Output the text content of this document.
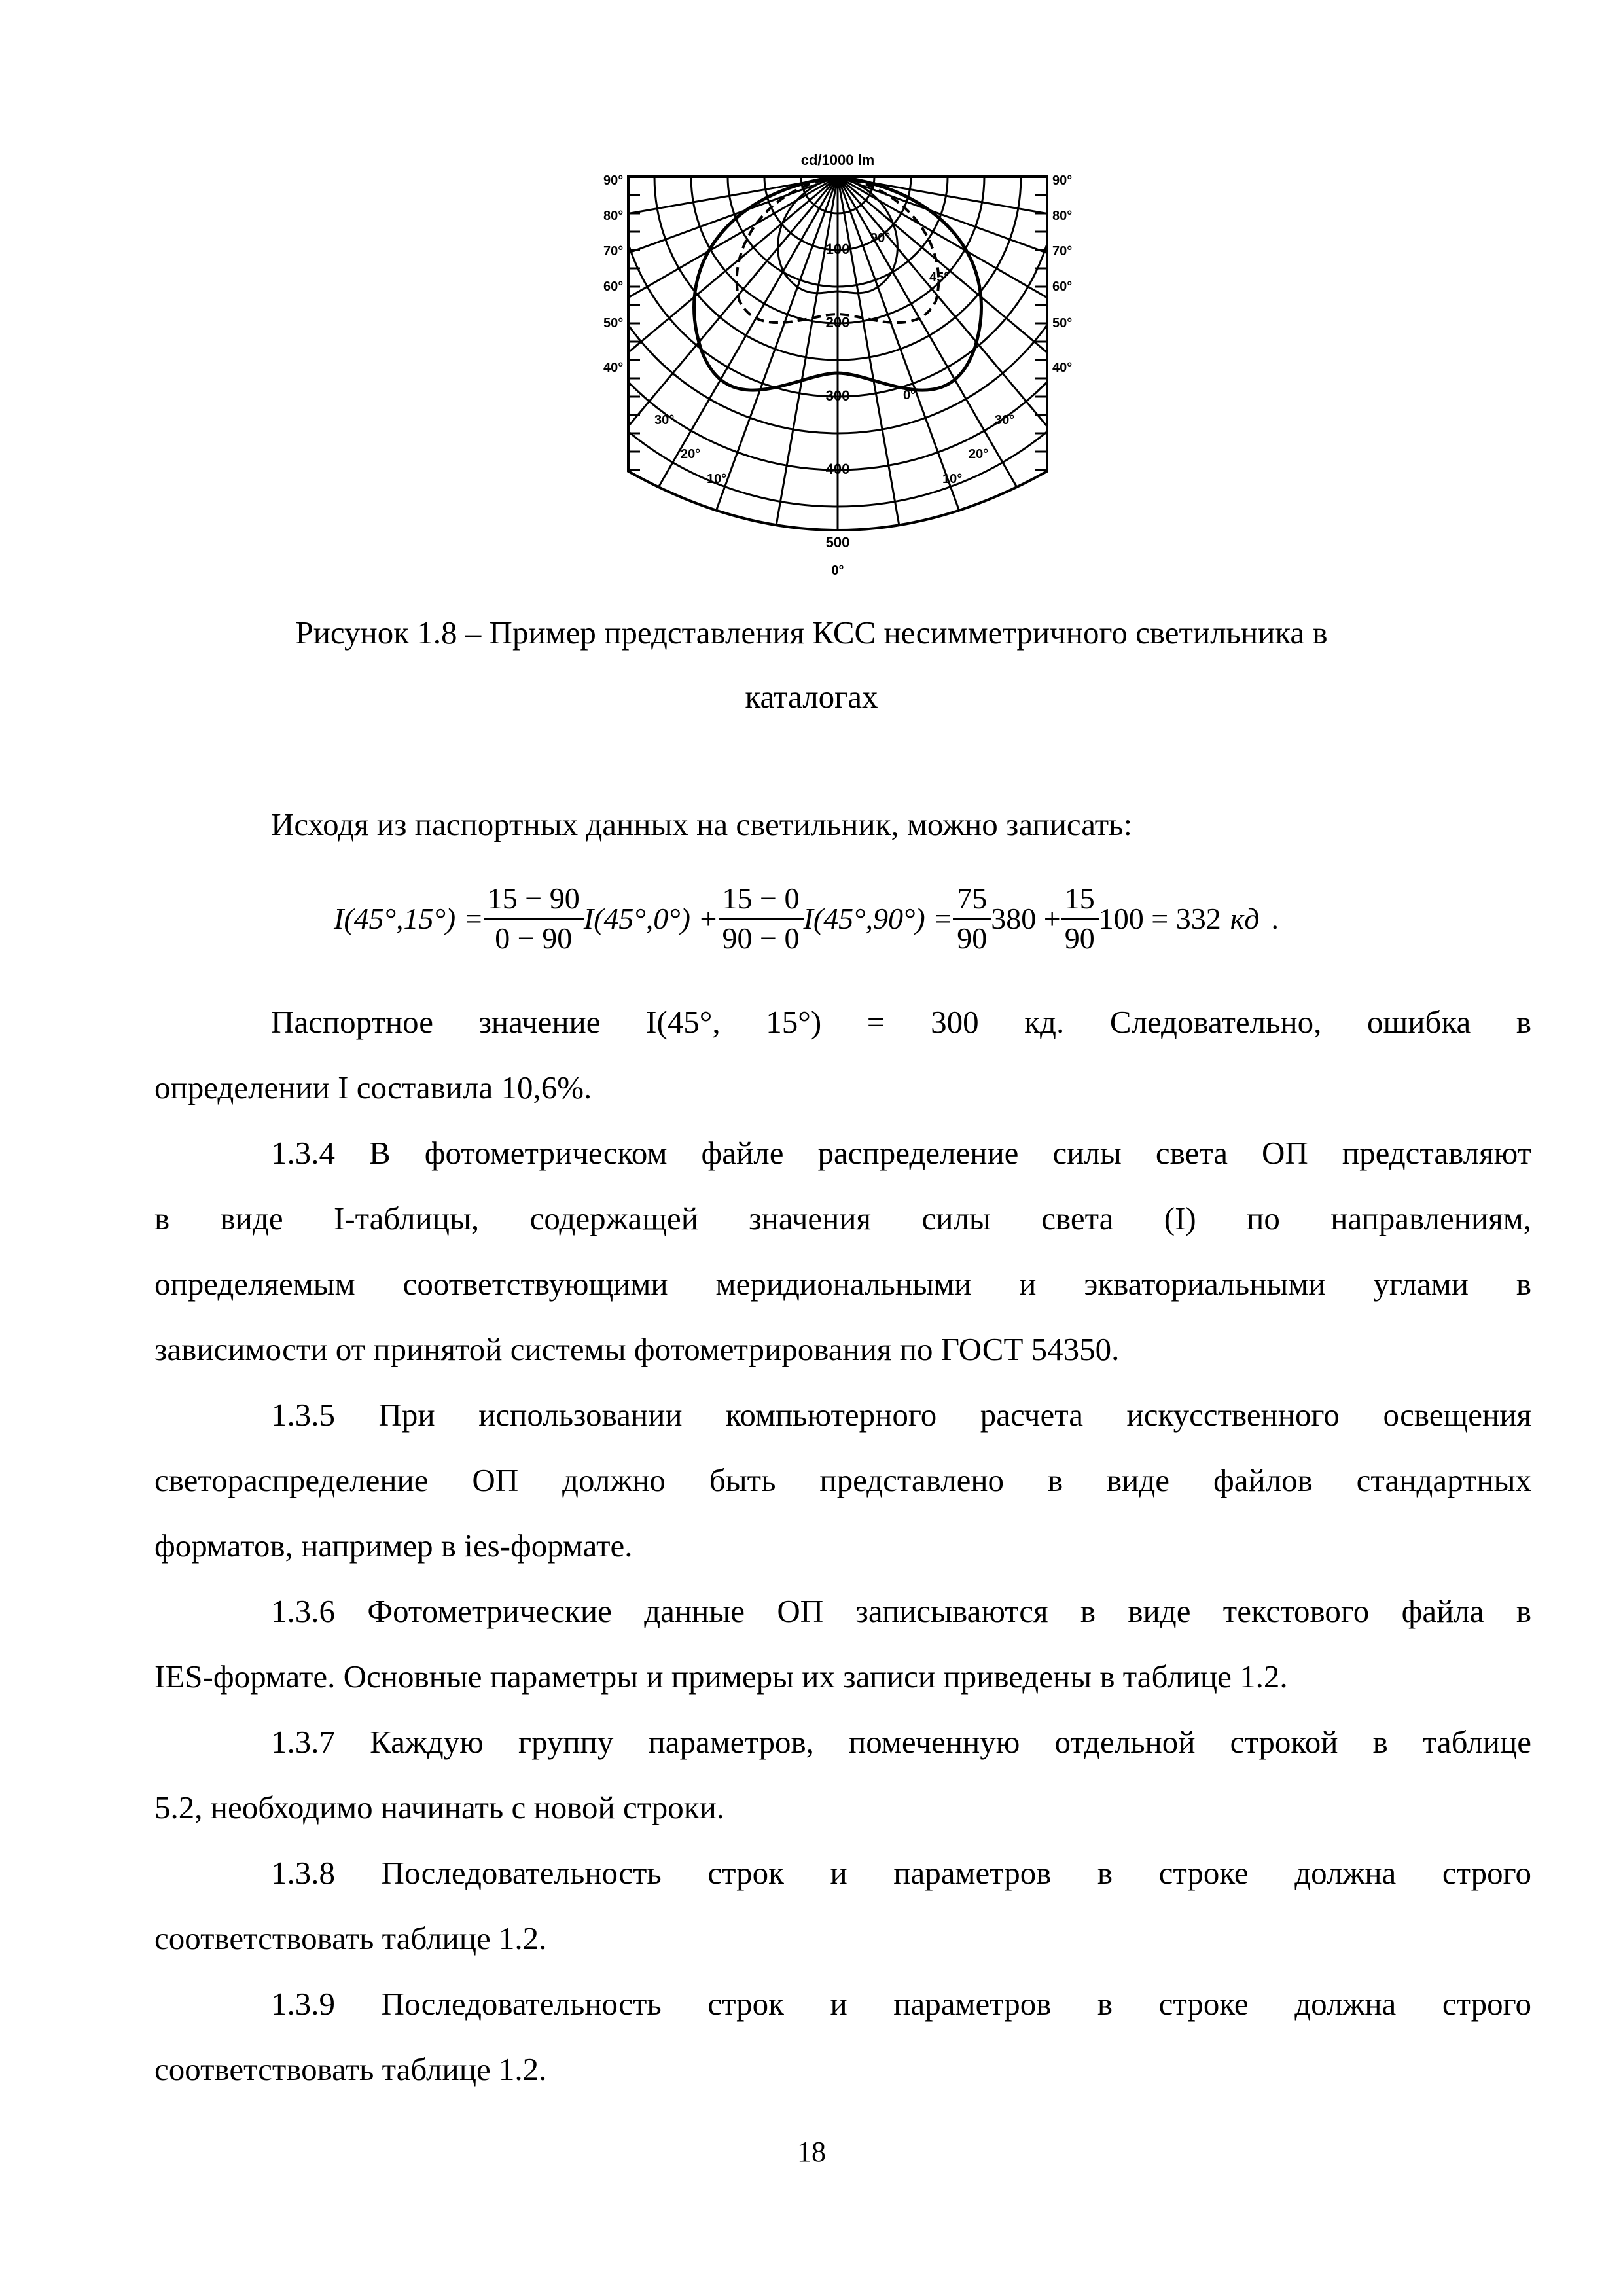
cd/1000 lm
90°
80°
70°
60°
50°
40°
30°
20°
10°
90°
80°
70°
60°
50°
40°
30°
20°
10°
0°
100
200
300
400
500
90°
45°
0°
Рисунок 1.8 – Пример представления КСС несимметричного светильника в
каталогах
Исходя из паспортных данных на светильник, можно записать:
$I(45^\circ,15^\circ) = \frac{15 - 90}{0 - 90} I(45^\circ,0^\circ) + \frac{15 - 0}{90 - 0} I(45^\circ,90^\circ) = \frac{75}{90} 380 + \frac{15}{90} 100 = 332$ кд .
Паспортное значение I(45°, 15°) = 300 кд. Следовательно, ошибка в
определении I составила 10,6%.
1.3.4 В фотометрическом файле распределение силы света ОП представляют
в виде I-таблицы, содержащей значения силы света (I) по направлениям,
определяемым соответствующими меридиональными и экваториальными углами в
зависимости от принятой системы фотометрирования по ГОСТ 54350.
1.3.5 При использовании компьютерного расчета искусственного освещения
светораспределение ОП должно быть представлено в виде файлов стандартных
форматов, например в ies-формате.
1.3.6 Фотометрические данные ОП записываются в виде текстового файла в
IES-формате. Основные параметры и примеры их записи приведены в таблице 1.2.
1.3.7 Каждую группу параметров, помеченную отдельной строкой в таблице
5.2, необходимо начинать с новой строки.
1.3.8 Последовательность строк и параметров в строке должна строго
соответствовать таблице 1.2.
1.3.9 Последовательность строк и параметров в строке должна строго
соответствовать таблице 1.2.
18
